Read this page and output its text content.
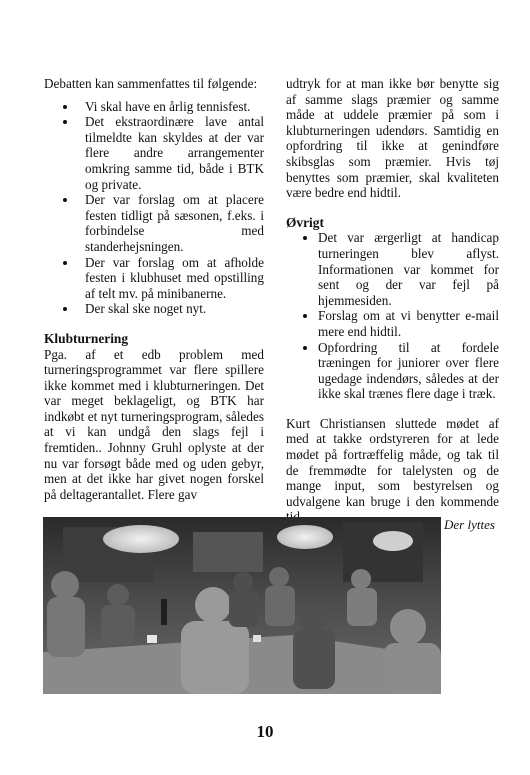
Debatten kan sammenfattes til følgende:

Vi skal have en årlig tennisfest.
Det ekstraordinære lave antal tilmeldte kan skyldes at der var flere andre arrangementer omkring samme tid, både i BTK og private.
Der var forslag om at placere festen tidligt på sæsonen, f.eks. i forbindelse med standerhejsningen.
Der var forslag om at afholde festen i klubhuset med opstilling af telt mv. på minibanerne.
Der skal ske noget nyt.
Klubturnering

Pga. af et edb problem med turneringsprogrammet var flere spillere ikke kommet med i klubturneringen. Det var meget beklageligt, og BTK har indkøbt et nyt turneringsprogram, således at vi kan undgå den slags fejl i fremtiden.. Johnny Gruhl oplyste at der nu var forsøgt både med og uden gebyr, men at det ikke har givet nogen forskel på deltagerantallet. Flere gav

udtryk for at man ikke bør benytte sig af samme slags præmier og samme måde at uddele præmier på som i klubturneringen udendørs. Samtidig en opfordring til ikke at genindføre skibsglas som præmier. Hvis tøj benyttes som præmier, skal kvaliteten være bedre end hidtil.

Øvrigt
Det var ærgerligt at handicap turneringen blev aflyst. Informationen var kommet for sent og der var fejl på hjemmesiden.
Forslag om at vi benytter e-mail mere end hidtil.
Opfordring til at fordele træningen for juniorer over flere ugedage indendørs, således at der ikke skal trænes flere dage i træk.

Kurt Christiansen sluttede mødet af med at takke ordstyreren for at lede mødet på fortræffelig måde, og tak til de fremmødte for talelysten og de mange input, som bestyrelsen og udvalgene kan bruge i den kommende

Der lyttes
10
